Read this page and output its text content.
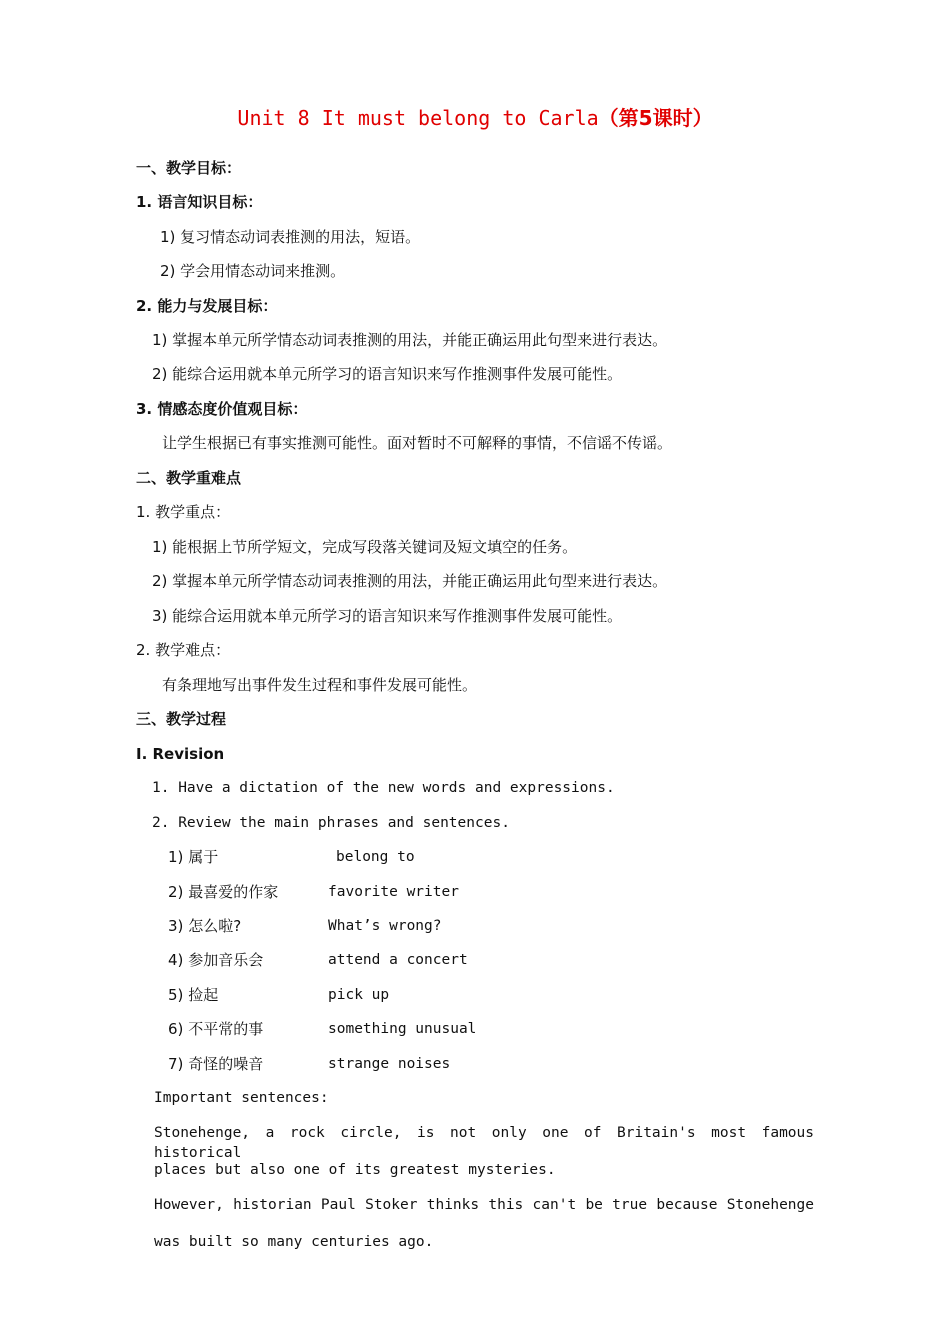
Unit 8 It must belong to Carla（第5课时）
一、教学目标：
1. 语言知识目标：
1) 复习情态动词表推测的用法，短语。
2) 学会用情态动词来推测。
2. 能力与发展目标：
1) 掌握本单元所学情态动词表推测的用法，并能正确运用此句型来进行表达。
2) 能综合运用就本单元所学习的语言知识来写作推测事件发展可能性。
3. 情感态度价值观目标：
让学生根据已有事实推测可能性。面对暂时不可解释的事情，不信谣不传谣。
二、教学重难点
1. 教学重点：
1) 能根据上节所学短文，完成写段落关键词及短文填空的任务。
2) 掌握本单元所学情态动词表推测的用法，并能正确运用此句型来进行表达。
3) 能综合运用就本单元所学习的语言知识来写作推测事件发展可能性。
2. 教学难点：
有条理地写出事件发生过程和事件发展可能性。
三、教学过程
Ⅰ. Revision
1. Have a dictation of the new words and expressions.
2. Review the main phrases and sentences.
1) 属于	belong to
2) 最喜爱的作家	favorite writer
3) 怎么啦?	What’s wrong?
4) 参加音乐会	attend a concert
5) 捡起	pick up
6) 不平常的事	something unusual
7) 奇怪的噪音	strange noises
Important sentences:
Stonehenge, a rock circle, is not only one of Britain's most famous historical
places but also one of its greatest mysteries.
However, historian Paul Stoker thinks this can't be true because Stonehenge
was built so many centuries ago.
